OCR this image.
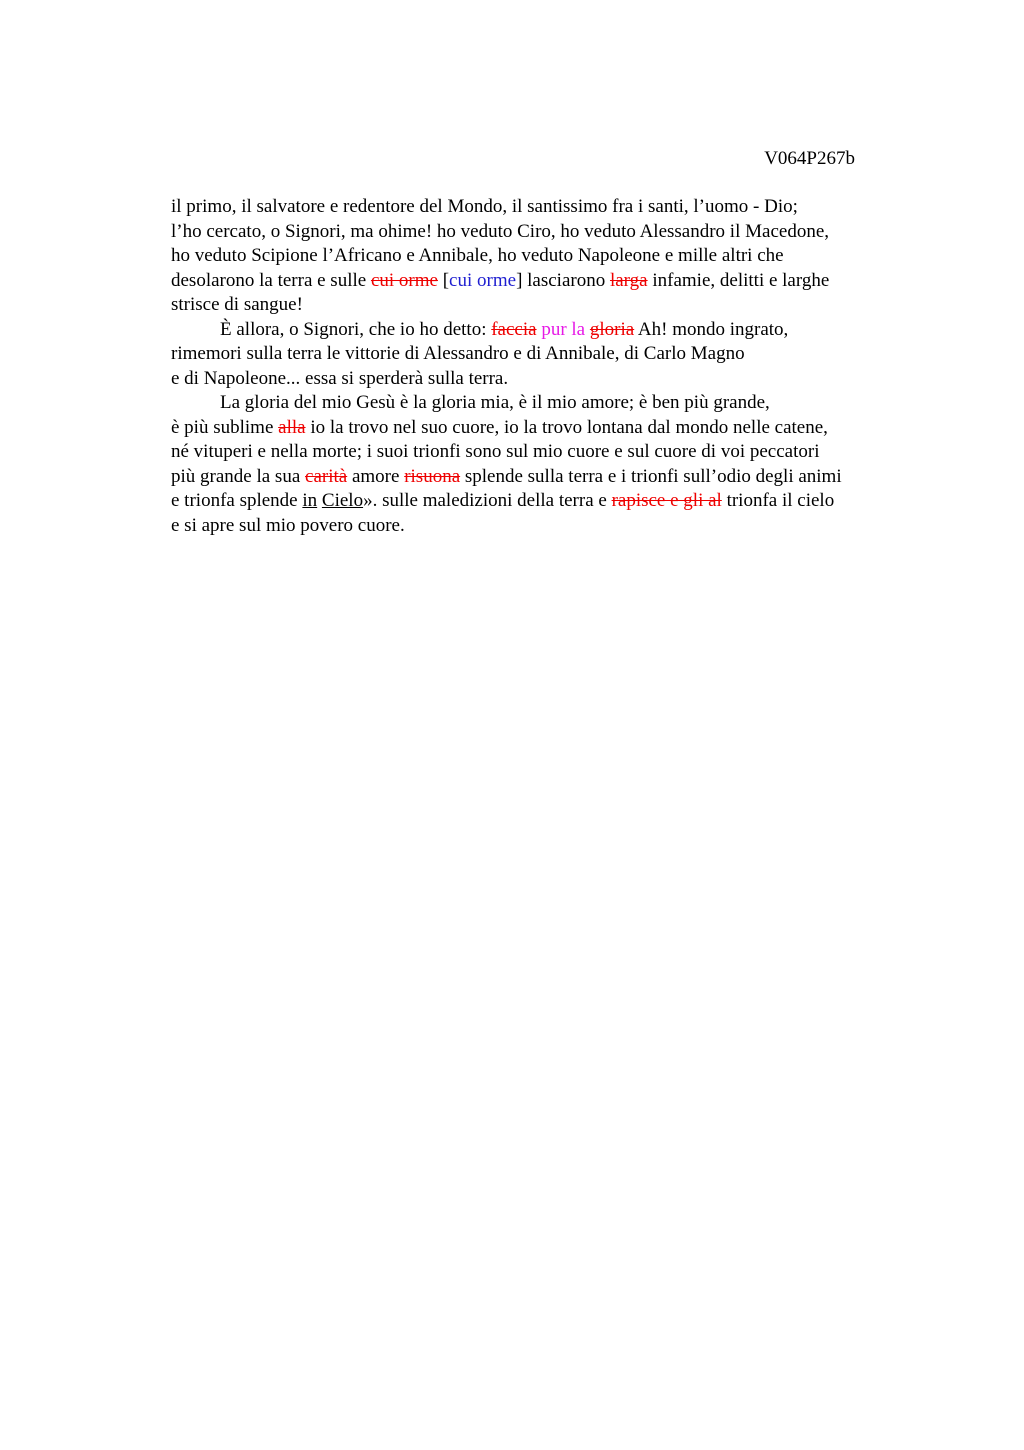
V064P267b
il primo, il salvatore e redentore del Mondo, il santissimo fra i santi, l’uomo - Dio;
l’ho cercato, o Signori, ma ohime! ho veduto Ciro, ho veduto Alessandro il Macedone,
ho veduto Scipione l’Africano e Annibale, ho veduto Napoleone e mille altri che
desolarono la terra e sulle cui orme [cui orme] lasciarono larga infamie, delitti e larghe
strisce di sangue!
È allora, o Signori, che io ho detto: faccia pur la gloria Ah! mondo ingrato,
rimemori sulla terra le vittorie di Alessandro e di Annibale, di Carlo Magno
e di Napoleone... essa si sperderà sulla terra.
La gloria del mio Gesù è la gloria mia, è il mio amore; è ben più grande,
è più sublime alla io la trovo nel suo cuore, io la trovo lontana dal mondo nelle catene,
né vituperi e nella morte; i suoi trionfi sono sul mio cuore e sul cuore di voi peccatori
più grande la sua carità amore risuona splende sulla terra e i trionfi sull’odio degli animi
e trionfa splende in Cielo». sulle maledizioni della terra e rapisce e gli al trionfa il cielo
e si apre sul mio povero cuore.
